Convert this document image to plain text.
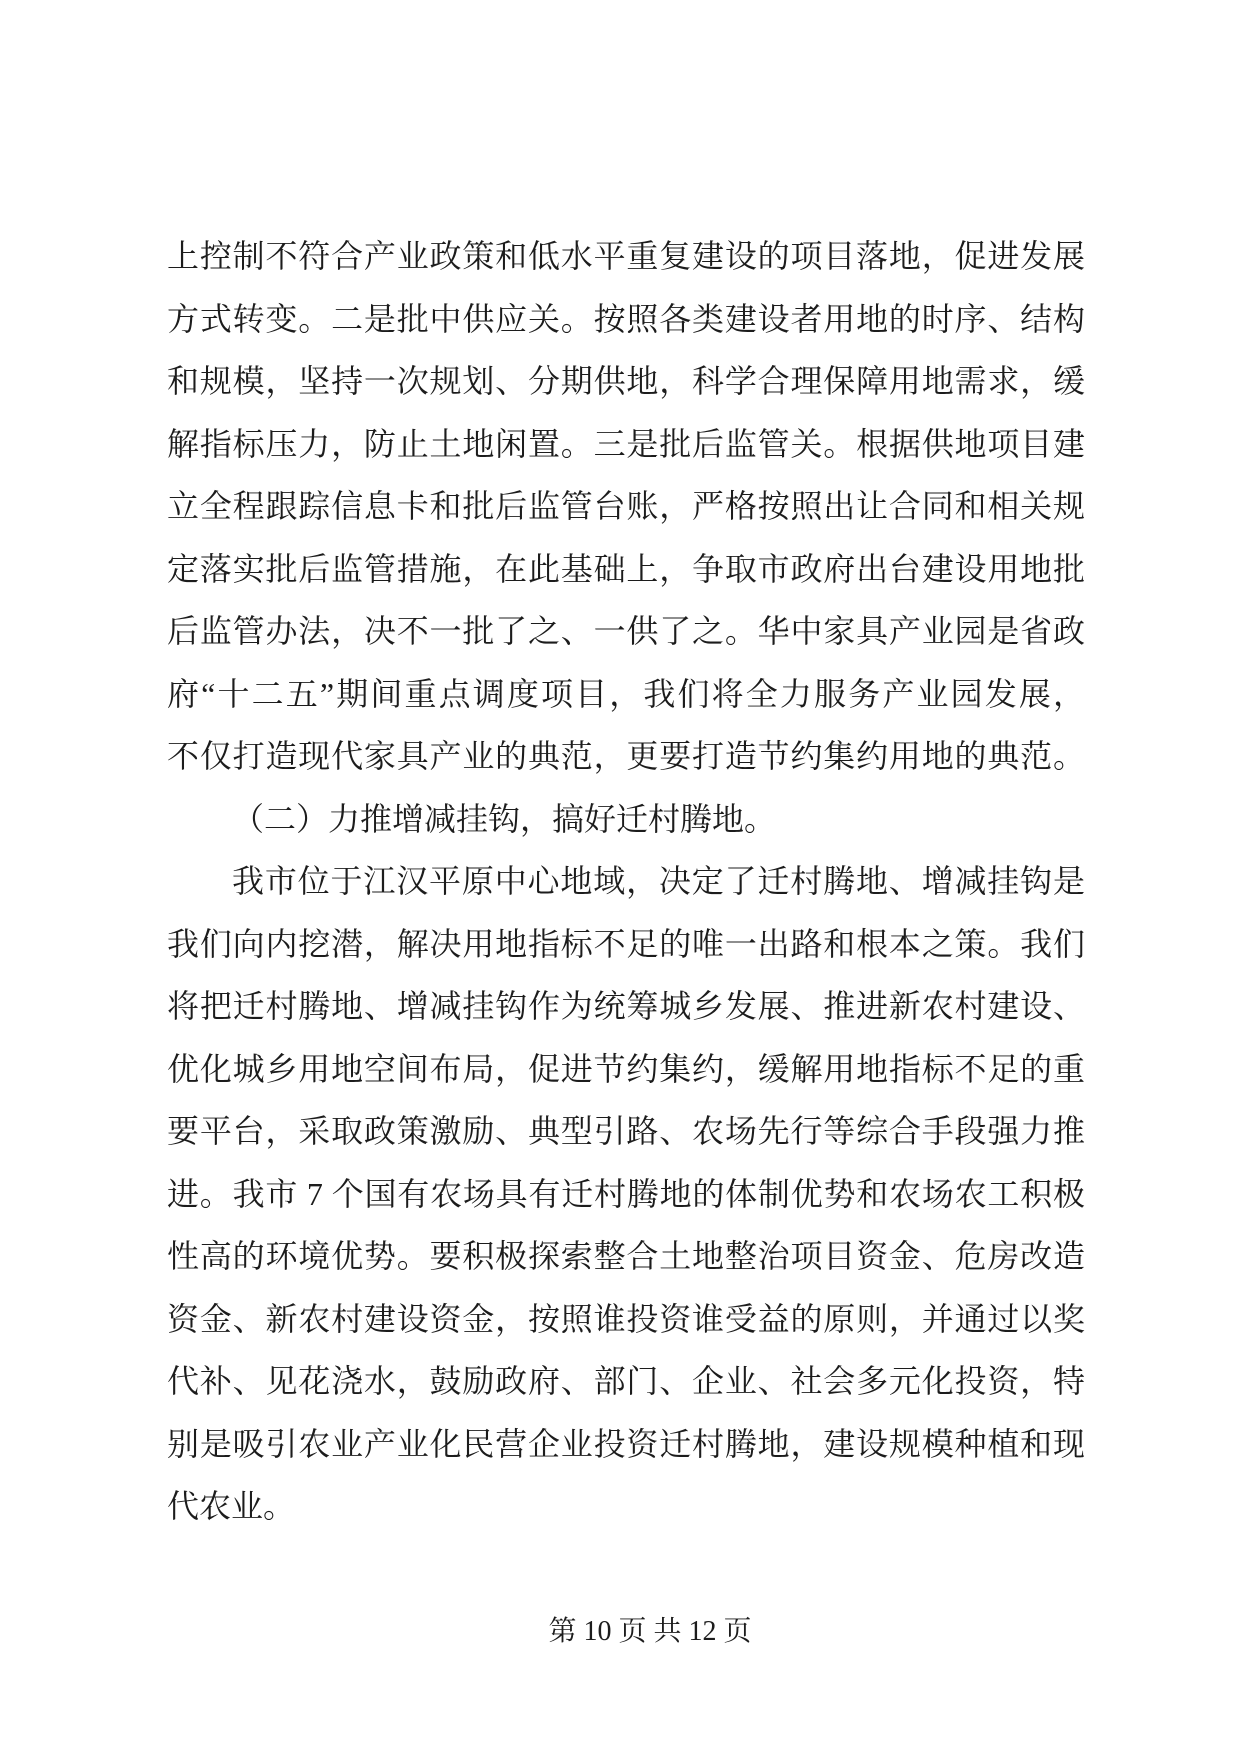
上控制不符合产业政策和低水平重复建设的项目落地，促进发展
方式转变。二是批中供应关。按照各类建设者用地的时序、结构
和规模，坚持一次规划、分期供地，科学合理保障用地需求，缓
解指标压力，防止土地闲置。三是批后监管关。根据供地项目建
立全程跟踪信息卡和批后监管台账，严格按照出让合同和相关规
定落实批后监管措施，在此基础上，争取市政府出台建设用地批
后监管办法，决不一批了之、一供了之。华中家具产业园是省政
府“十二五”期间重点调度项目，我们将全力服务产业园发展，
不仅打造现代家具产业的典范，更要打造节约集约用地的典范。
（二）力推增减挂钩，搞好迁村腾地。
我市位于江汉平原中心地域，决定了迁村腾地、增减挂钩是
我们向内挖潜，解决用地指标不足的唯一出路和根本之策。我们
将把迁村腾地、增减挂钩作为统筹城乡发展、推进新农村建设、
优化城乡用地空间布局，促进节约集约，缓解用地指标不足的重
要平台，采取政策激励、典型引路、农场先行等综合手段强力推
进。我市 7 个国有农场具有迁村腾地的体制优势和农场农工积极
性高的环境优势。要积极探索整合土地整治项目资金、危房改造
资金、新农村建设资金，按照谁投资谁受益的原则，并通过以奖
代补、见花浇水，鼓励政府、部门、企业、社会多元化投资，特
别是吸引农业产业化民营企业投资迁村腾地，建设规模种植和现
代农业。
第 10 页 共 12 页
